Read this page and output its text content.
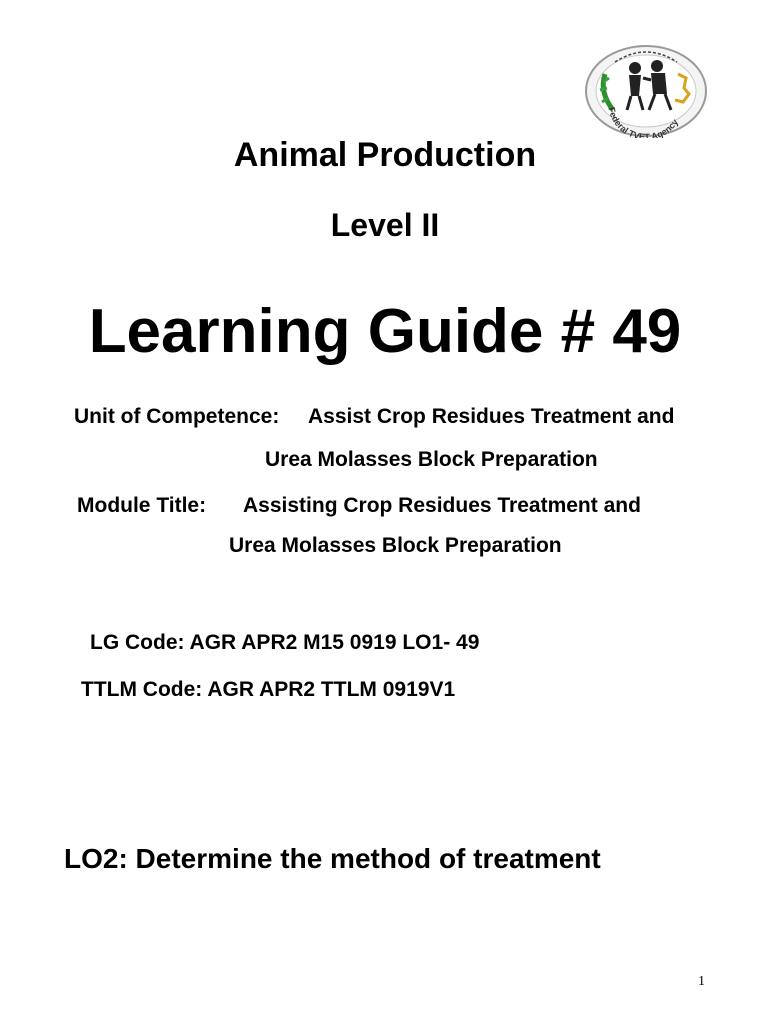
Federal TVET Agency
Animal Production
Level II
Learning Guide # 49
Unit of Competence: Assist Crop Residues Treatment and
Urea Molasses Block Preparation
Module Title: Assisting Crop Residues Treatment and
Urea Molasses Block Preparation
LG Code: AGR APR2 M15 0919 LO1- 49
TTLM Code: AGR APR2 TTLM 0919V1
LO2: Determine the method of treatment
1
